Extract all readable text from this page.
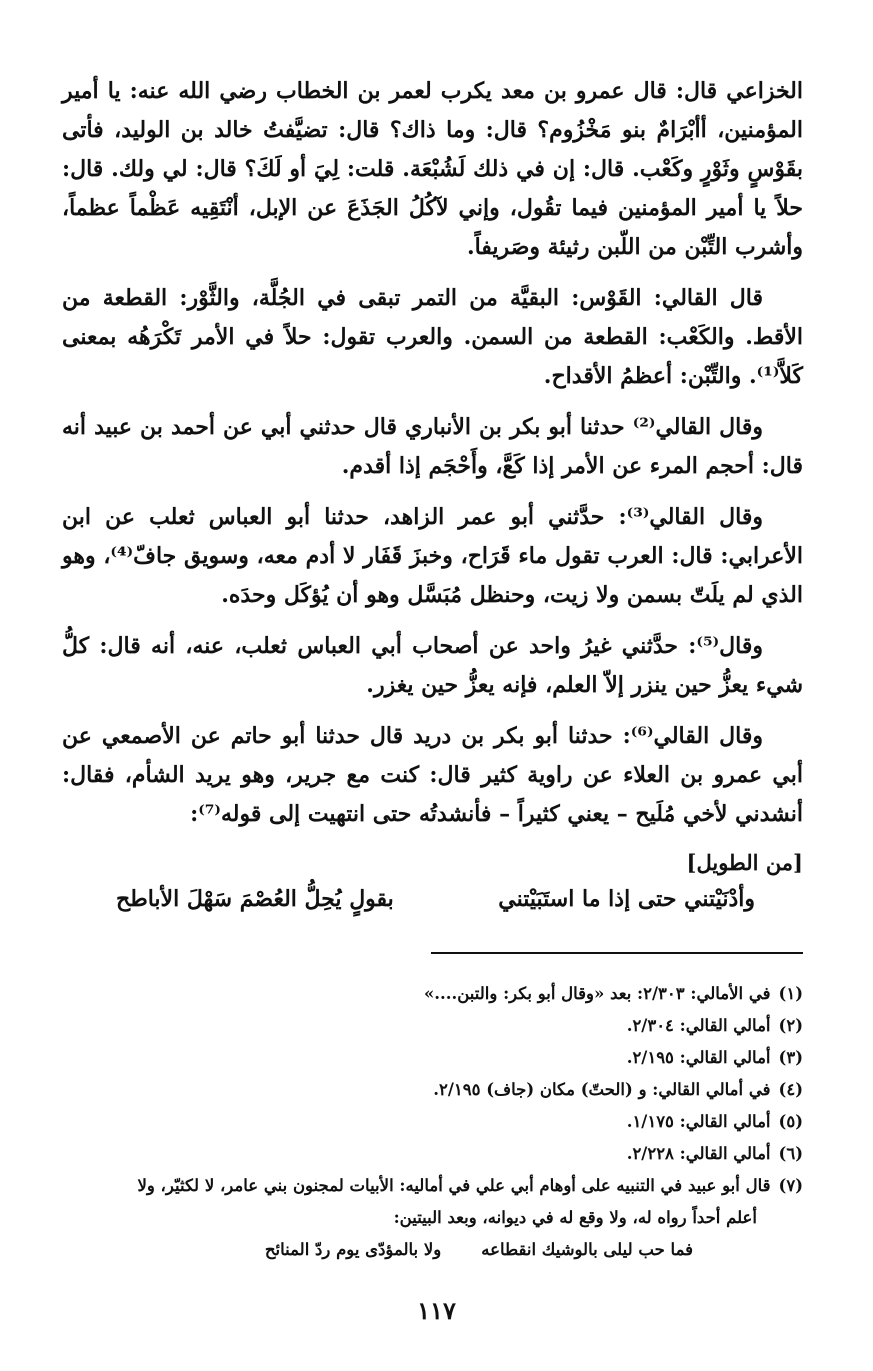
الخزاعي قال: قال عمرو بن معد يكرب لعمر بن الخطاب رضي الله عنه: يا أمير المؤمنين، أأبْرَامٌ بنو مَخْزُوم؟ قال: وما ذاك؟ قال: تضيَّفتُ خالد بن الوليد، فأتى بقَوْسٍ وثَوْرٍ وكَعْب. قال: إن في ذلك لَشُبْعَة. قلت: لِيَ أو لَكَ؟ قال: لي ولك. قال: حلاً يا أمير المؤمنين فيما تقُول، وإني لآكُلُ الجَذَعَ عن الإبل، أنْتَقِيه عَظْماً عظماً، وأشرب التِّبْن من اللّبن رثيئة وصَريفاً.

قال القالي: القَوْس: البقيَّة من التمر تبقى في الجُلَّة، والثَّوْر: القطعة من الأقط. والكَعْب: القطعة من السمن. والعرب تقول: حلاً في الأمر تَكْرَهُه بمعنى كَلاَّ⁽¹⁾. والتِّبْن: أعظمُ الأقداح.

وقال القالي⁽²⁾ حدثنا أبو بكر بن الأنباري قال حدثني أبي عن أحمد بن عبيد أنه قال: أحجم المرء عن الأمر إذا كَعَّ، وأَحْجَم إذا أقدم.

وقال القالي⁽³⁾: حدَّثني أبو عمر الزاهد، حدثنا أبو العباس ثعلب عن ابن الأعرابي: قال: العرب تقول ماء قَرَاح، وخبزَ قَفَار لا أدم معه، وسويق جافّ⁽⁴⁾، وهو الذي لم يلَتّ بسمن ولا زيت، وحنظل مُبَسَّل وهو أن يُؤكَل وحدَه.

وقال⁽⁵⁾: حدَّثني غيرُ واحد عن أصحاب أبي العباس ثعلب، عنه، أنه قال: كلُّ شيء يعزُّ حين ينزر إلاّ العلم، فإنه يعزُّ حين يغزر.

وقال القالي⁽⁶⁾: حدثنا أبو بكر بن دريد قال حدثنا أبو حاتم عن الأصمعي عن أبي عمرو بن العلاء عن راوية كثير قال: كنت مع جرير، وهو يريد الشأم، فقال: أنشدني لأخي مُلَيح – يعني كثيراً – فأنشدتُه حتى انتهيت إلى قوله⁽⁷⁾:

[من الطويل]

وأدْنَيْتني حتى إذا ما استَبَيْتني
بقولٍ يُحِلُّ العُصْمَ سَهْلَ الأباطح
(١)
في الأمالي: ٢/٣٠٣: بعد «وقال أبو بكر: والتبن....»
(٢)
أمالي القالي: ٢/٣٠٤.
(٣)
أمالي القالي: ٢/١٩٥.
(٤)
في أمالي القالي: و (الحتّ) مكان (جاف) ٢/١٩٥.
(٥)
أمالي القالي: ١/١٧٥.
(٦)
أمالي القالي: ٢/٢٢٨.
(٧)
قال أبو عبيد في التنبيه على أوهام أبي علي في أماليه: الأبيات لمجنون بني عامر، لا لكثيّر، ولا

أعلم أحداً رواه له، ولا وقع له في ديوانه، وبعد البيتين:

فما حب ليلى بالوشيك انقطاعه
ولا بالمؤدّى يوم ردّ المنائح
١١٧
